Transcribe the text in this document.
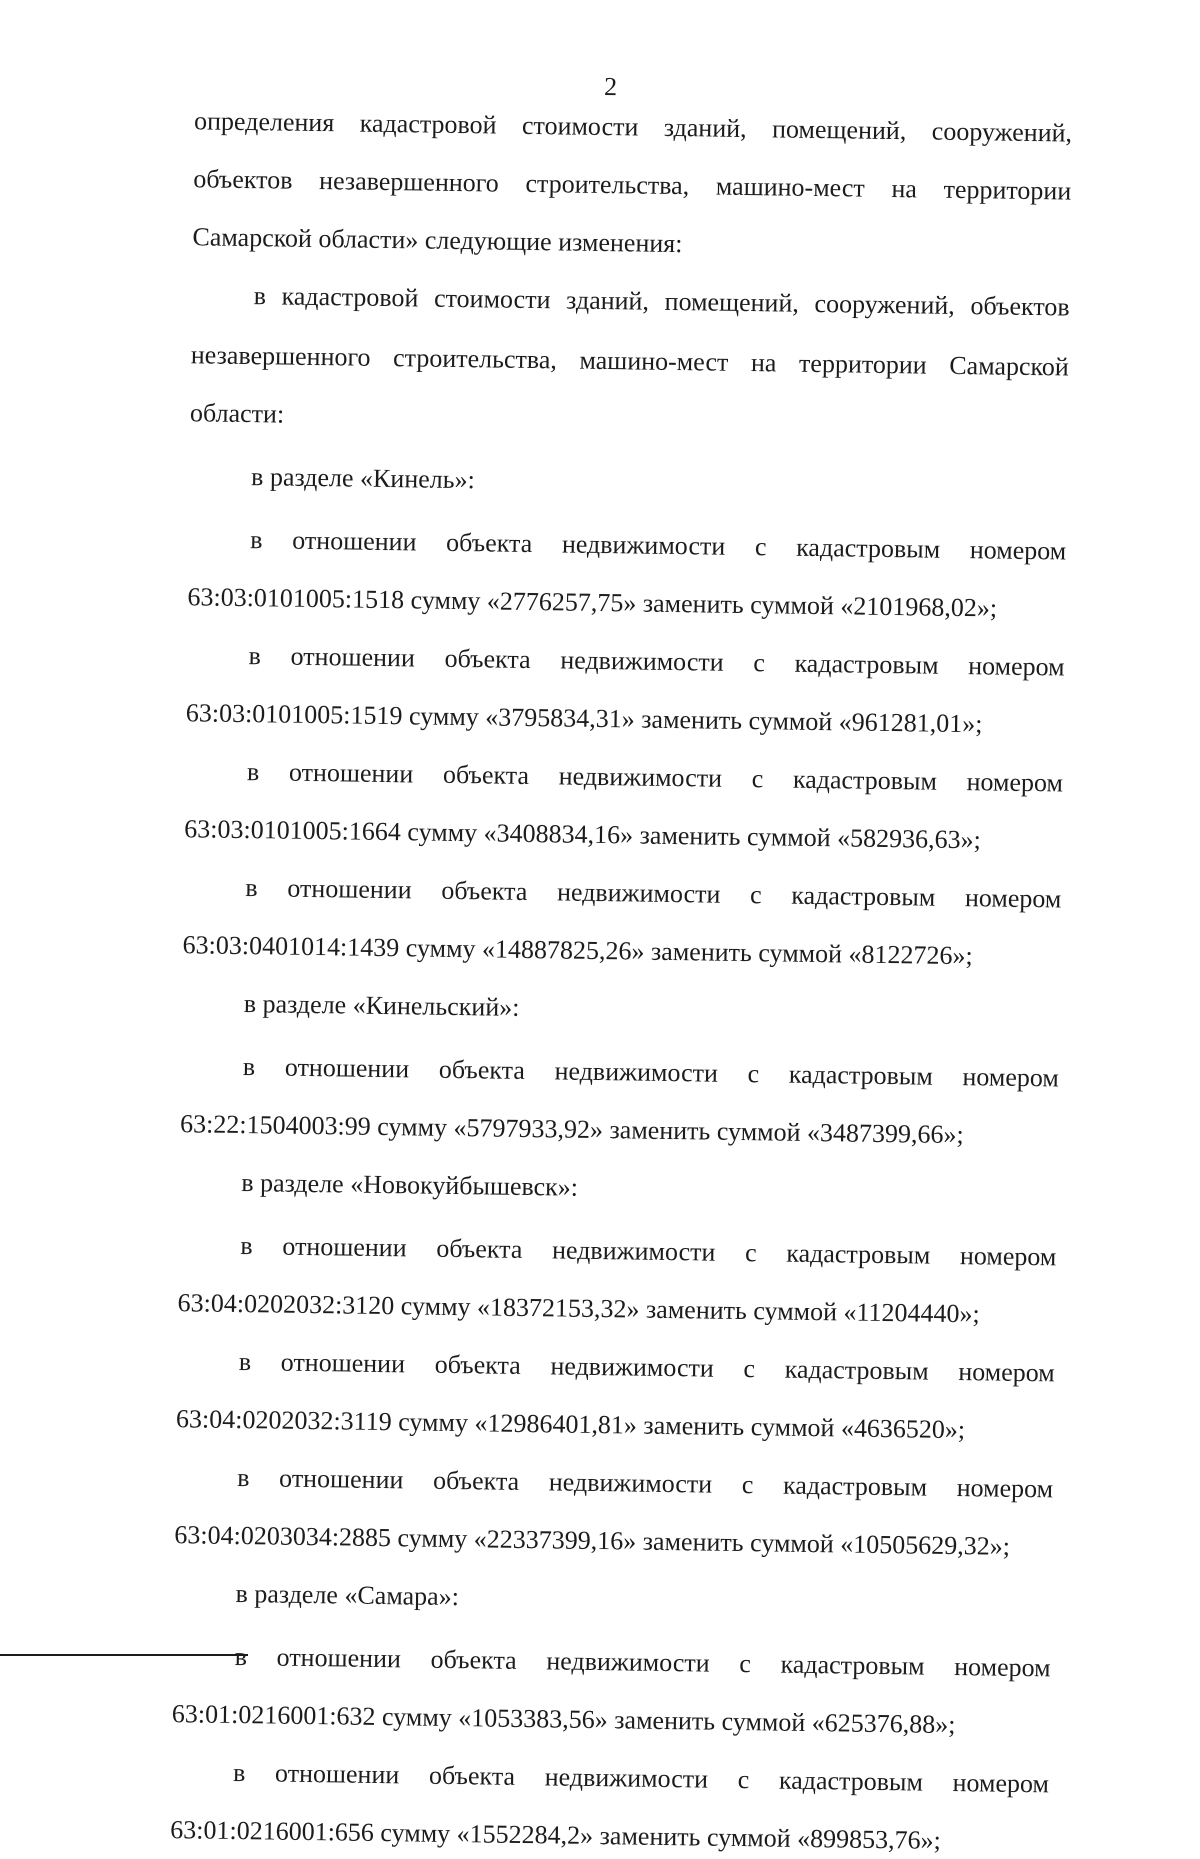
2
определения кадастровой стоимости зданий, помещений, сооружений,
объектов незавершенного строительства, машино-мест на территории
Самарской области» следующие изменения:
в кадастровой стоимости зданий, помещений, сооружений, объектов
незавершенного строительства, машино-мест на территории Самарской
области:
в разделе «Кинель»:
в отношении объекта недвижимости с кадастровым номером
63:03:0101005:1518 сумму «2776257,75» заменить суммой «2101968,02»;
в отношении объекта недвижимости с кадастровым номером
63:03:0101005:1519 сумму «3795834,31» заменить суммой «961281,01»;
в отношении объекта недвижимости с кадастровым номером
63:03:0101005:1664 сумму «3408834,16» заменить суммой «582936,63»;
в отношении объекта недвижимости с кадастровым номером
63:03:0401014:1439 сумму «14887825,26» заменить суммой «8122726»;
в разделе «Кинельский»:
в отношении объекта недвижимости с кадастровым номером
63:22:1504003:99 сумму «5797933,92» заменить суммой «3487399,66»;
в разделе «Новокуйбышевск»:
в отношении объекта недвижимости с кадастровым номером
63:04:0202032:3120 сумму «18372153,32» заменить суммой «11204440»;
в отношении объекта недвижимости с кадастровым номером
63:04:0202032:3119 сумму «12986401,81» заменить суммой «4636520»;
в отношении объекта недвижимости с кадастровым номером
63:04:0203034:2885 сумму «22337399,16» заменить суммой «10505629,32»;
в разделе «Самара»:
в отношении объекта недвижимости с кадастровым номером
63:01:0216001:632 сумму «1053383,56» заменить суммой «625376,88»;
в отношении объекта недвижимости с кадастровым номером
63:01:0216001:656 сумму «1552284,2» заменить суммой «899853,76»;
